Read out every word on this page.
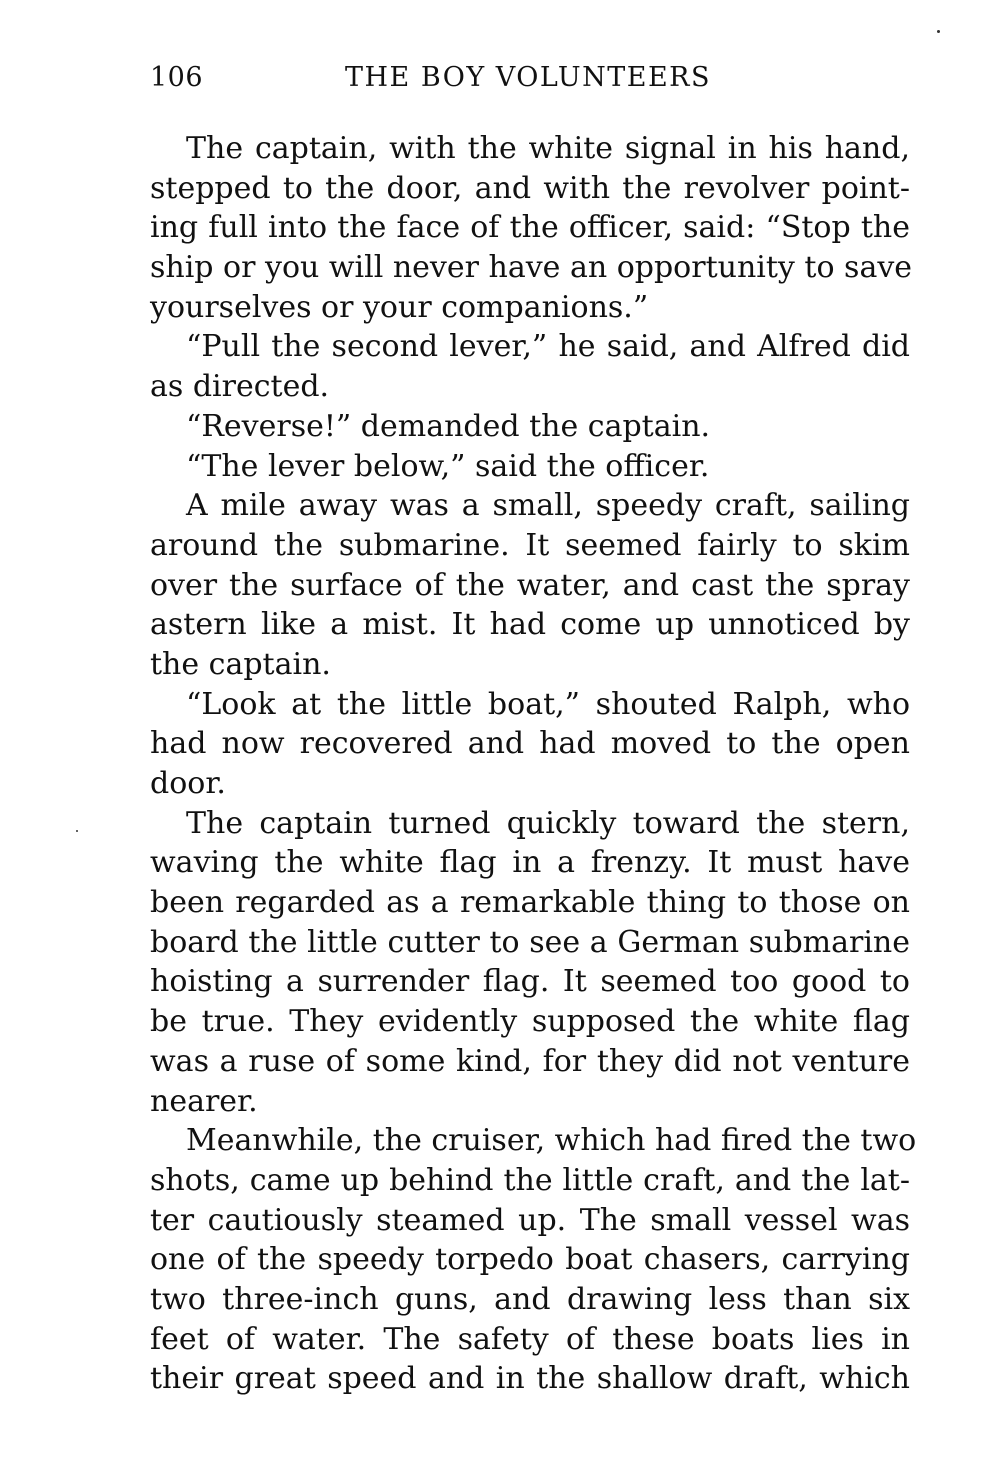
106	THE BOY VOLUNTEERS
The captain, with the white signal in his hand,
stepped to the door, and with the revolver point-
ing full into the face of the officer, said: “Stop the
ship or you will never have an opportunity to save
yourselves or your companions.”
“Pull the second lever,” he said, and Alfred did
as directed.
“Reverse!” demanded the captain.
“The lever below,” said the officer.
A mile away was a small, speedy craft, sailing
around the submarine. It seemed fairly to skim
over the surface of the water, and cast the spray
astern like a mist. It had come up unnoticed by
the captain.
“Look at the little boat,” shouted Ralph, who
had now recovered and had moved to the open
door.
The captain turned quickly toward the stern,
waving the white flag in a frenzy. It must have
been regarded as a remarkable thing to those on
board the little cutter to see a German submarine
hoisting a surrender flag. It seemed too good to
be true. They evidently supposed the white flag
was a ruse of some kind, for they did not venture
nearer.
Meanwhile, the cruiser, which had fired the two
shots, came up behind the little craft, and the lat-
ter cautiously steamed up. The small vessel was
one of the speedy torpedo boat chasers, carrying
two three-inch guns, and drawing less than six
feet of water. The safety of these boats lies in
their great speed and in the shallow draft, which
